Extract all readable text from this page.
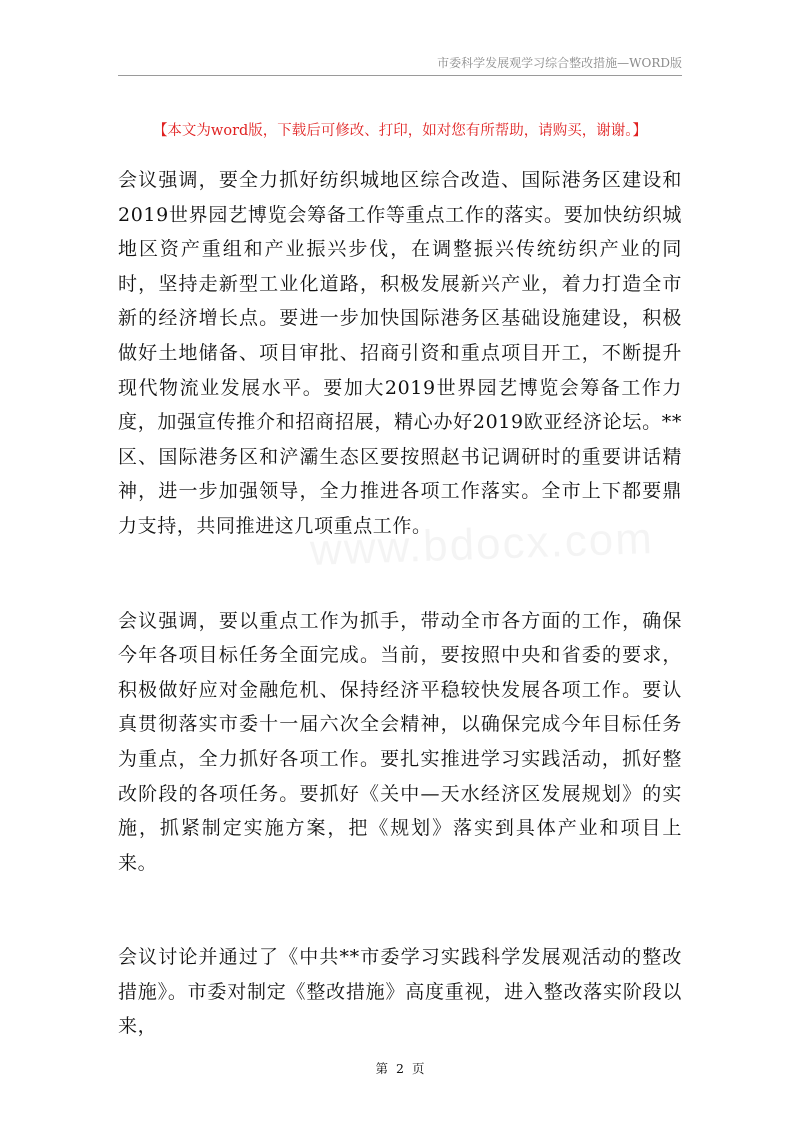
市委科学发展观学习综合整改措施—WORD版
【本文为word版，下载后可修改、打印，如对您有所帮助，请购买，谢谢。】

会议强调，要全力抓好纺织城地区综合改造、国际港务区建设和2019世界园艺博览会筹备工作等重点工作的落实。要加快纺织城地区资产重组和产业振兴步伐，在调整振兴传统纺织产业的同时，坚持走新型工业化道路，积极发展新兴产业，着力打造全市新的经济增长点。要进一步加快国际港务区基础设施建设，积极做好土地储备、项目审批、招商引资和重点项目开工，不断提升现代物流业发展水平。要加大2019世界园艺博览会筹备工作力度，加强宣传推介和招商招展，精心办好2019欧亚经济论坛。**区、国际港务区和浐灞生态区要按照赵书记调研时的重要讲话精神，进一步加强领导，全力推进各项工作落实。全市上下都要鼎力支持，共同推进这几项重点工作。

会议强调，要以重点工作为抓手，带动全市各方面的工作，确保今年各项目标任务全面完成。当前，要按照中央和省委的要求，积极做好应对金融危机、保持经济平稳较快发展各项工作。要认真贯彻落实市委十一届六次全会精神，以确保完成今年目标任务为重点，全力抓好各项工作。要扎实推进学习实践活动，抓好整改阶段的各项任务。要抓好《关中—天水经济区发展规划》的实施，抓紧制定实施方案，把《规划》落实到具体产业和项目上来。

会议讨论并通过了《中共**市委学习实践科学发展观活动的整改措施》。市委对制定《整改措施》高度重视，进入整改落实阶段以来，

第 2 页
